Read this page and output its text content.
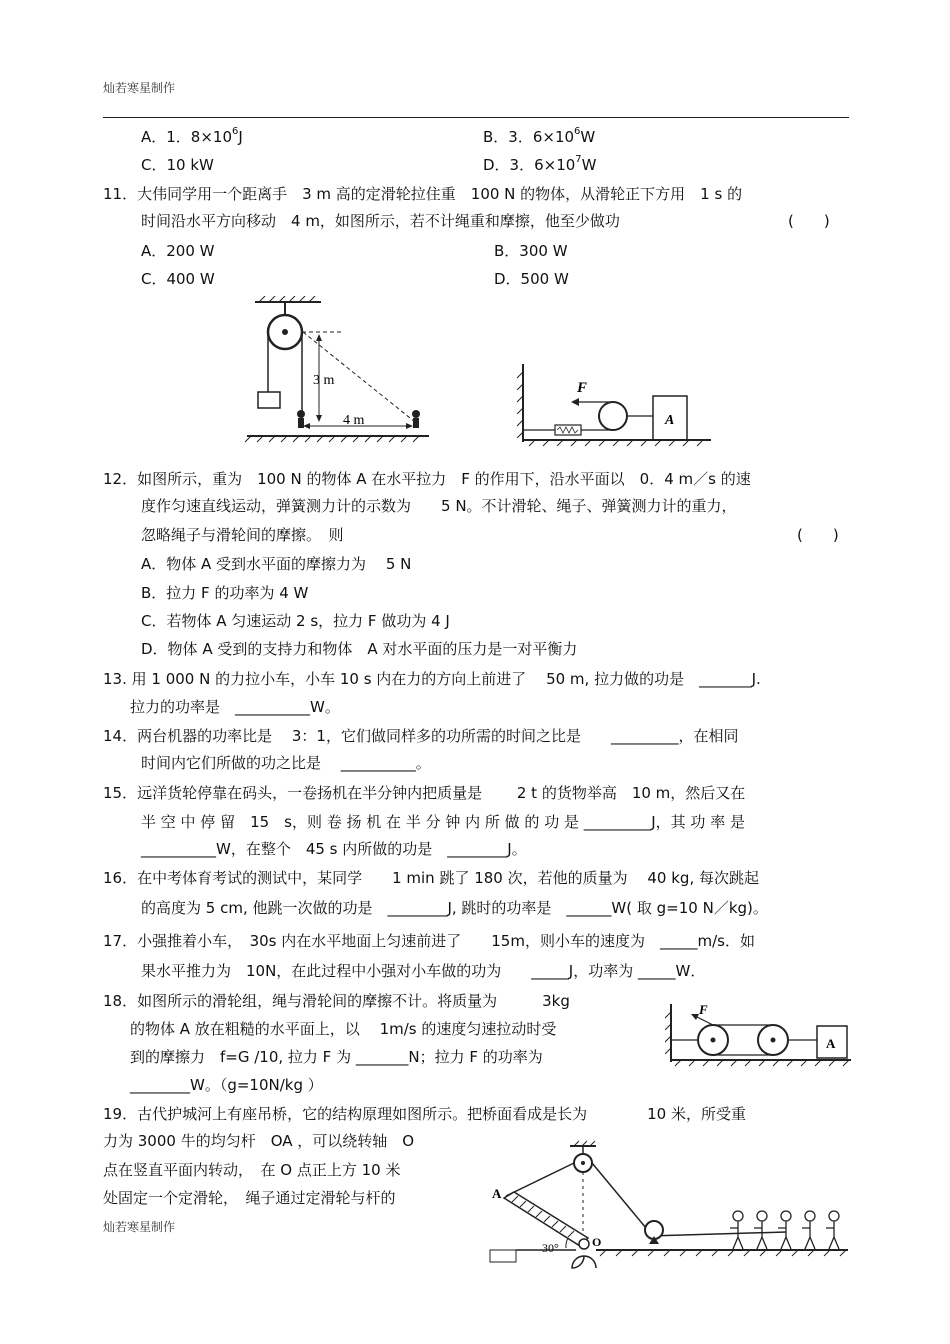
灿若寒星制作
A．1．$8\times 10^6J$	B．3．$6\times 10^6W$
C．10 kW	D．3．$6\times 10^7W$
11．大伟同学用一个距离手　3 m 高的定滑轮拉住重　100 N 的物体，从滑轮正下方用　1 s 的
时间沿水平方向移动　4 m，如图所示，若不计绳重和摩擦，他至少做功	(　　)
A．200 W	B．300 W
C．400 W	D．500 W
3 m
4 m
F
A
12．如图所示，重为　100 N 的物体 A 在水平拉力　F 的作用下，沿水平面以　0．4 m／s 的速
度作匀速直线运动，弹簧测力计的示数为　　5 N。不计滑轮、绳子、弹簧测力计的重力，
忽略绳子与滑轮间的摩擦。　则	(　　)
A．物体 A 受到水平面的摩擦力为　 5 N
B．拉力 F 的功率为 4 W
C．若物体 A 匀速运动 2 s，拉力 F 做功为 4 J
D．物体 A 受到的支持力和物体　A 对水平面的压力是一对平衡力
13. 用 1 000 N 的力拉小车，小车 10 s 内在力的方向上前进了　 50 m, 拉力做的功是　_______J.
拉力的功率是　__________W。
14．两台机器的功率比是　 3：1，它们做同样多的功所需的时间之比是　　_________，在相同
时间内它们所做的功之比是　 __________。
15．远洋货轮停靠在码头，一卷扬机在半分钟内把质量是　　 2 t 的货物举高　10 m，然后又在
半 空 中 停 留　15　s，则 卷 扬 机 在 半 分 钟 内 所 做 的 功 是 _________J，其 功 率 是
__________W，在整个　45 s 内所做的功是　________J。
16．在中考体育考试的测试中，某同学　　1 min 跳了 180 次，若他的质量为　 40 kg, 每次跳起
的高度为 5 cm, 他跳一次做的功是　________J, 跳时的功率是　______W( 取 g=10 N／kg)。
17．小强推着小车，　30s 内在水平地面上匀速前进了　　15m，则小车的速度为　_____m/s．如
果水平推力为　10N，在此过程中小强对小车做的功为　　_____J，功率为 _____W．
18．如图所示的滑轮组，绳与滑轮间的摩擦不计。将质量为　　　3kg
的物体 A 放在粗糙的水平面上，以　 1m/s 的速度匀速拉动时受
到的摩擦力　f=G /10, 拉力 F 为 _______N；拉力 F 的功率为
________W。（g=10N/kg ）
F
A
19．古代护城河上有座吊桥，它的结构原理如图所示。把桥面看成是长为　　　　10 米，所受重
力为 3000 牛的均匀杆　OA ，可以绕转轴　O
点在竖直平面内转动，　在 O 点正上方 10 米
处固定一个定滑轮，　绳子通过定滑轮与杆的
灿若寒星制作
A
O
30°
